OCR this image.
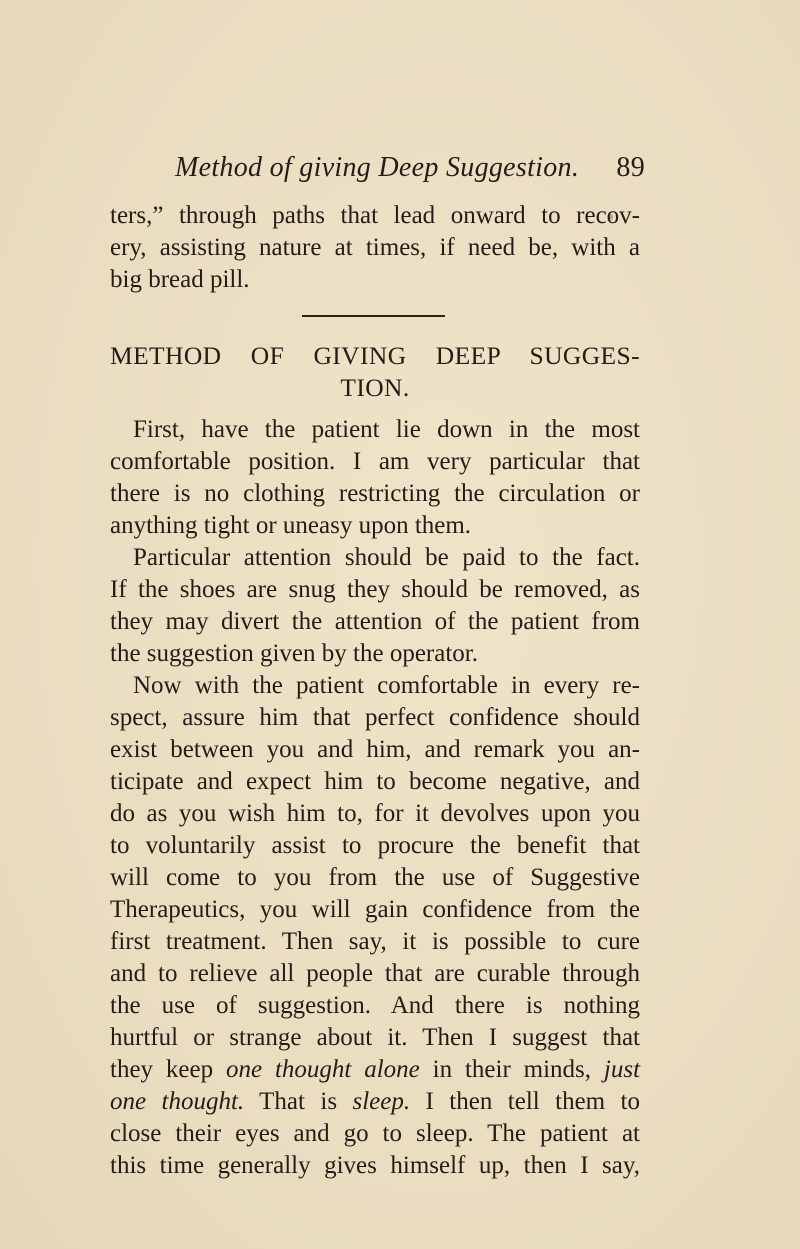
Method of giving Deep Suggestion. 89
ters,” through paths that lead onward to recov-
ery, assisting nature at times, if need be, with a
big bread pill.
METHOD OF GIVING DEEP SUGGES-
TION.
First, have the patient lie down in the most
comfortable position. I am very particular that
there is no clothing restricting the circulation or
anything tight or uneasy upon them.
Particular attention should be paid to the fact.
If the shoes are snug they should be removed, as
they may divert the attention of the patient from
the suggestion given by the operator.
Now with the patient comfortable in every re-
spect, assure him that perfect confidence should
exist between you and him, and remark you an-
ticipate and expect him to become negative, and
do as you wish him to, for it devolves upon you
to voluntarily assist to procure the benefit that
will come to you from the use of Suggestive
Therapeutics, you will gain confidence from the
first treatment. Then say, it is possible to cure
and to relieve all people that are curable through
the use of suggestion. And there is nothing
hurtful or strange about it. Then I suggest that
they keep one thought alone in their minds, just
one thought. That is sleep. I then tell them to
close their eyes and go to sleep. The patient at
this time generally gives himself up, then I say,
